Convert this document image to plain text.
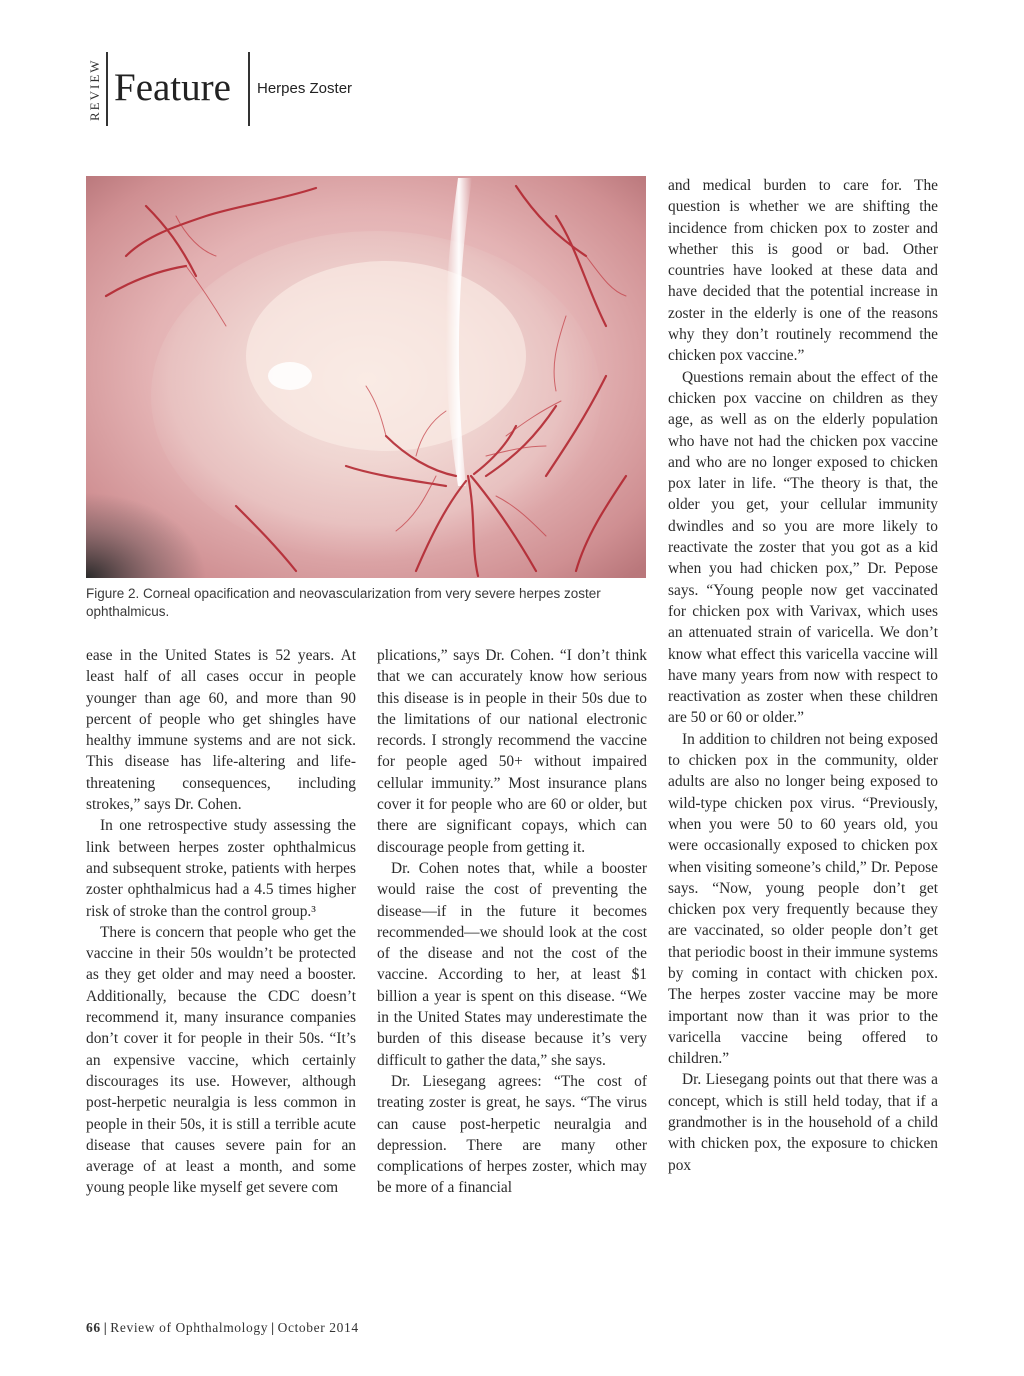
REVIEW Feature Herpes Zoster
Figure 2. Corneal opacification and neovascularization from very severe herpes zoster ophthalmicus.

ease in the United States is 52 years. At least half of all cases occur in people younger than age 60, and more than 90 percent of people who get shingles have healthy immune systems and are not sick. This disease has life-altering and life-threatening consequences, including strokes,” says Dr. Cohen.

In one retrospective study assessing the link between herpes zoster ophthalmicus and subsequent stroke, patients with herpes zoster ophthalmicus had a 4.5 times higher risk of stroke than the control group.³

There is concern that people who get the vaccine in their 50s wouldn’t be protected as they get older and may need a booster. Additionally, because the CDC doesn’t recommend it, many insurance companies don’t cover it for people in their 50s. “It’s an expensive vaccine, which certainly discourages its use. However, although post-herpetic neuralgia is less common in people in their 50s, it is still a terrible acute disease that causes severe pain for an average of at least a month, and some young people like myself get severe com

plications,” says Dr. Cohen. “I don’t think that we can accurately know how serious this disease is in people in their 50s due to the limitations of our national electronic records. I strongly recommend the vaccine for people aged 50+ without impaired cellular immunity.” Most insurance plans cover it for people who are 60 or older, but there are significant copays, which can discourage people from getting it.

Dr. Cohen notes that, while a booster would raise the cost of preventing the disease—if in the future it becomes recommended—we should look at the cost of the disease and not the cost of the vaccine. According to her, at least $1 billion a year is spent on this disease. “We in the United States may underestimate the burden of this disease because it’s very difficult to gather the data,” she says.

Dr. Liesegang agrees: “The cost of treating zoster is great, he says. “The virus can cause post-herpetic neuralgia and depression. There are many other complications of herpes zoster, which may be more of a financial

and medical burden to care for. The question is whether we are shifting the incidence from chicken pox to zoster and whether this is good or bad. Other countries have looked at these data and have decided that the potential increase in zoster in the elderly is one of the reasons why they don’t routinely recommend the chicken pox vaccine.”

Questions remain about the effect of the chicken pox vaccine on children as they age, as well as on the elderly population who have not had the chicken pox vaccine and who are no longer exposed to chicken pox later in life. “The theory is that, the older you get, your cellular immunity dwindles and so you are more likely to reactivate the zoster that you got as a kid when you had chicken pox,” Dr. Pepose says. “Young people now get vaccinated for chicken pox with Varivax, which uses an attenuated strain of varicella. We don’t know what effect this varicella vaccine will have many years from now with respect to reactivation as zoster when these children are 50 or 60 or older.”

In addition to children not being exposed to chicken pox in the community, older adults are also no longer being exposed to wild-type chicken pox virus. “Previously, when you were 50 to 60 years old, you were occasionally exposed to chicken pox when visiting someone’s child,” Dr. Pepose says. “Now, young people don’t get chicken pox very frequently because they are vaccinated, so older people don’t get that periodic boost in their immune systems by coming in contact with chicken pox. The herpes zoster vaccine may be more important now than it was prior to the varicella vaccine being offered to children.”

Dr. Liesegang points out that there was a concept, which is still held today, that if a grandmother is in the household of a child with chicken pox, the exposure to chicken pox

66 | Review of Ophthalmology | October 2014
